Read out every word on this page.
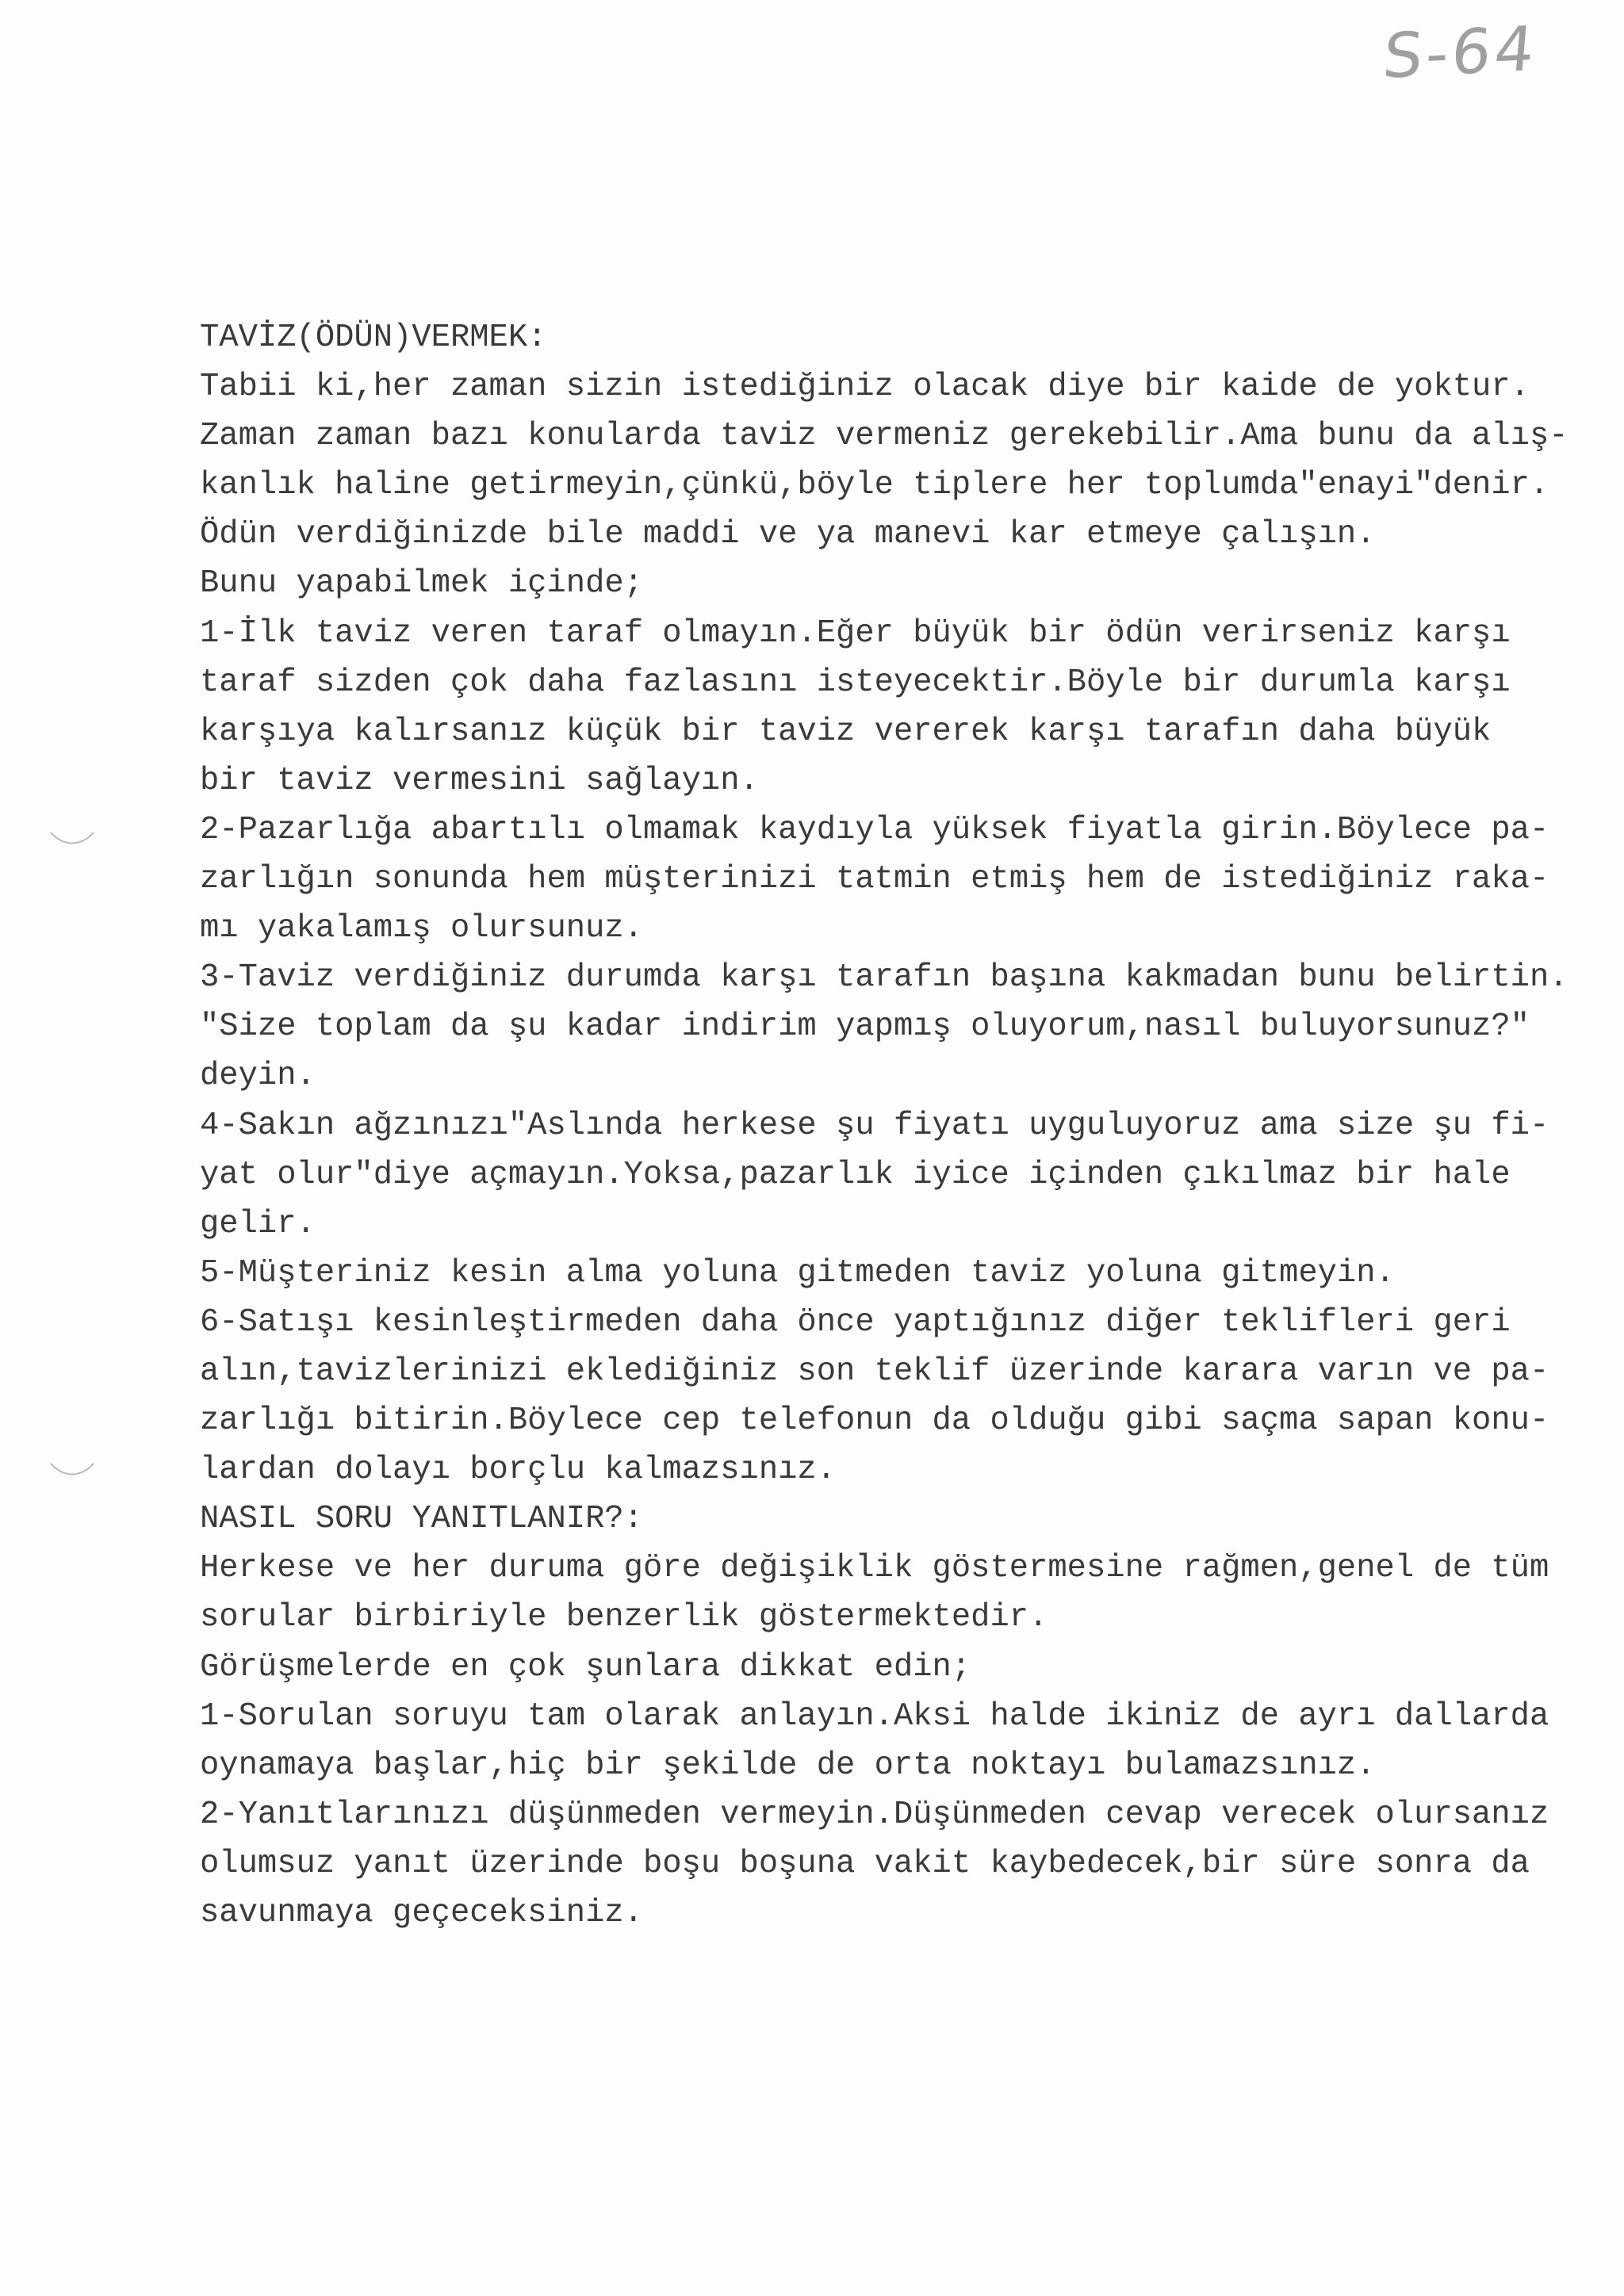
S-64
TAVİZ(ÖDÜN)VERMEK:
Tabii ki,her zaman sizin istediğiniz olacak diye bir kaide de yoktur.
Zaman zaman bazı konularda taviz vermeniz gerekebilir.Ama bunu da alış-
kanlık haline getirmeyin,çünkü,böyle tiplere her toplumda"enayi"denir.
Ödün verdiğinizde bile maddi ve ya manevi kar etmeye çalışın.
Bunu yapabilmek içinde;
1-İlk taviz veren taraf olmayın.Eğer büyük bir ödün verirseniz karşı
taraf sizden çok daha fazlasını isteyecektir.Böyle bir durumla karşı
karşıya kalırsanız küçük bir taviz vererek karşı tarafın daha büyük
bir taviz vermesini sağlayın.
2-Pazarlığa abartılı olmamak kaydıyla yüksek fiyatla girin.Böylece pa-
zarlığın sonunda hem müşterinizi tatmin etmiş hem de istediğiniz raka-
mı yakalamış olursunuz.
3-Taviz verdiğiniz durumda karşı tarafın başına kakmadan bunu belirtin.
"Size toplam da şu kadar indirim yapmış oluyorum,nasıl buluyorsunuz?"
deyin.
4-Sakın ağzınızı"Aslında herkese şu fiyatı uyguluyoruz ama size şu fi-
yat olur"diye açmayın.Yoksa,pazarlık iyice içinden çıkılmaz bir hale
gelir.
5-Müşteriniz kesin alma yoluna gitmeden taviz yoluna gitmeyin.
6-Satışı kesinleştirmeden daha önce yaptığınız diğer teklifleri geri
alın,tavizlerinizi eklediğiniz son teklif üzerinde karara varın ve pa-
zarlığı bitirin.Böylece cep telefonun da olduğu gibi saçma sapan konu-
lardan dolayı borçlu kalmazsınız.
NASIL SORU YANITLANIR?:
Herkese ve her duruma göre değişiklik göstermesine rağmen,genel de tüm
sorular birbiriyle benzerlik göstermektedir.
Görüşmelerde en çok şunlara dikkat edin;
1-Sorulan soruyu tam olarak anlayın.Aksi halde ikiniz de ayrı dallarda
oynamaya başlar,hiç bir şekilde de orta noktayı bulamazsınız.
2-Yanıtlarınızı düşünmeden vermeyin.Düşünmeden cevap verecek olursanız
olumsuz yanıt üzerinde boşu boşuna vakit kaybedecek,bir süre sonra da
savunmaya geçeceksiniz.
